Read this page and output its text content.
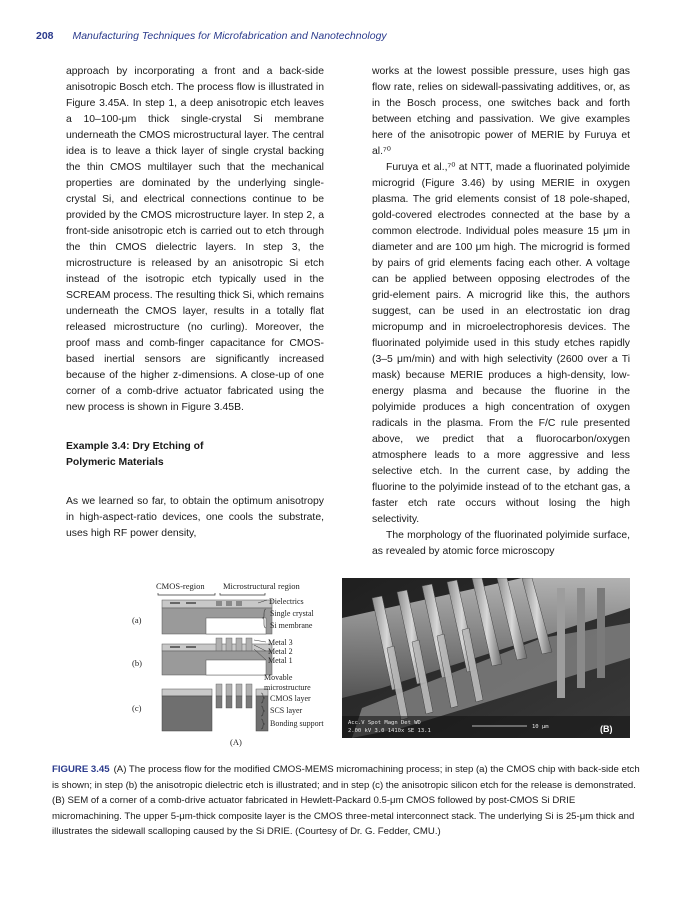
208 Manufacturing Techniques for Microfabrication and Nanotechnology

approach by incorporating a front and a back-side anisotropic Bosch etch. The process flow is illustrated in Figure 3.45A. In step 1, a deep anisotropic etch leaves a 10–100-μm thick single-crystal Si membrane underneath the CMOS microstructural layer. The central idea is to leave a thick layer of single crystal backing the thin CMOS multilayer such that the mechanical properties are dominated by the underlying single-crystal Si, and electrical connections continue to be provided by the CMOS microstructure layer. In step 2, a front-side anisotropic etch is carried out to etch through the thin CMOS dielectric layers. In step 3, the microstructure is released by an anisotropic Si etch instead of the isotropic etch typically used in the SCREAM process. The resulting thick Si, which remains underneath the CMOS layer, results in a totally flat released microstructure (no curling). Moreover, the proof mass and comb-finger capacitance for CMOS-based inertial sensors are significantly increased because of the higher z-dimensions. A close-up of one corner of a comb-drive actuator fabricated using the new process is shown in Figure 3.45B.

Example 3.4: Dry Etching of
Polymeric Materials

As we learned so far, to obtain the optimum anisotropy in high-aspect-ratio devices, one cools the substrate, uses high RF power density,

works at the lowest possible pressure, uses high gas flow rate, relies on sidewall-passivating additives, or, as in the Bosch process, one switches back and forth between etching and passivation. We give examples here of the anisotropic power of MERIE by Furuya et al.⁷⁰

Furuya et al.,⁷⁰ at NTT, made a fluorinated polyimide microgrid (Figure 3.46) by using MERIE in oxygen plasma. The grid elements consist of 18 pole-shaped, gold-covered electrodes connected at the base by a common electrode. Individual poles measure 15 μm in diameter and are 100 μm high. The microgrid is formed by pairs of grid elements facing each other. A voltage can be applied between opposing electrodes of the grid-element pairs. A microgrid like this, the authors suggest, can be used in an electrostatic ion drag micropump and in microelectrophoresis devices. The fluorinated polyimide used in this study etches rapidly (3–5 μm/min) and with high selectivity (2600 over a Ti mask) because MERIE produces a high-density, low-energy plasma and because the fluorine in the polyimide produces a high concentration of oxygen radicals in the plasma. From the F/C rule presented above, we predict that a fluorocarbon/oxygen atmosphere leads to a more aggressive and less selective etch. In the current case, by adding the fluorine to the polyimide instead of to the etchant gas, a faster etch rate occurs without losing the high selectivity.

The morphology of the fluorinated polyimide surface, as revealed by atomic force microscopy

CMOS-region Microstructural region
(a)
Dielectrics
Single crystal
Si membrane
(b)
Metal 3
Metal 2
Metal 1
(c)
Movable
microstructure
CMOS layer
SCS layer
Bonding support
(A)
Acc.V Spot Magn Det WD
2.00 kV 3.0 1410x SE 13.1
10 μm	(B)
FIGURE 3.45 (A) The process flow for the modified CMOS-MEMS micromachining process; in step (a) the CMOS chip with back-side etch is shown; in step (b) the anisotropic dielectric etch is illustrated; and in step (c) the anisotropic silicon etch for the release is demonstrated. (B) SEM of a corner of a comb-drive actuator fabricated in Hewlett-Packard 0.5-μm CMOS followed by post-CMOS Si DRIE micromachining. The upper 5-μm-thick composite layer is the CMOS three-metal interconnect stack. The underlying Si is 25-μm thick and illustrates the sidewall scalloping caused by the Si DRIE. (Courtesy of Dr. G. Fedder, CMU.)
